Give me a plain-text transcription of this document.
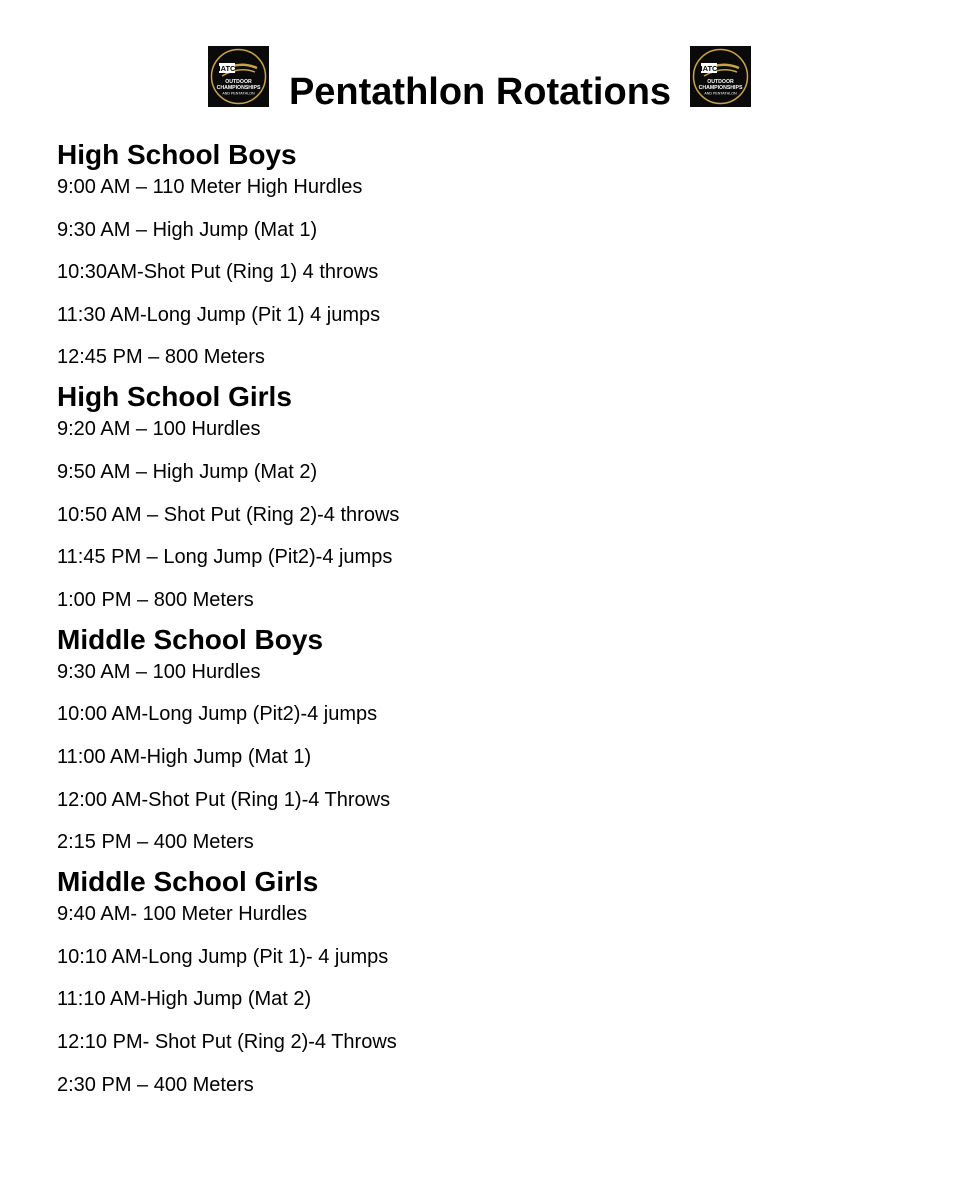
IATC
OUTDOOR
CHAMPIONSHIPS
AND PENTATHLON Pentathlon Rotations
IATC
OUTDOOR
CHAMPIONSHIPS
AND PENTATHLON
High School Boys
9:00 AM – 110 Meter High Hurdles
9:30 AM – High Jump (Mat 1)
10:30AM-Shot Put (Ring 1) 4 throws
11:30 AM-Long Jump (Pit 1) 4 jumps
12:45 PM – 800 Meters
High School Girls
9:20 AM – 100 Hurdles
9:50 AM – High Jump (Mat 2)
10:50 AM – Shot Put (Ring 2)-4 throws
11:45 PM – Long Jump (Pit2)-4 jumps
1:00 PM – 800 Meters
Middle School Boys
9:30 AM – 100 Hurdles
10:00 AM-Long Jump (Pit2)-4 jumps
11:00 AM-High Jump (Mat 1)
12:00 AM-Shot Put (Ring 1)-4 Throws
2:15 PM – 400 Meters
Middle School Girls
9:40 AM- 100 Meter Hurdles
10:10 AM-Long Jump (Pit 1)- 4 jumps
11:10 AM-High Jump (Mat 2)
12:10 PM- Shot Put (Ring 2)-4 Throws
2:30 PM – 400 Meters
